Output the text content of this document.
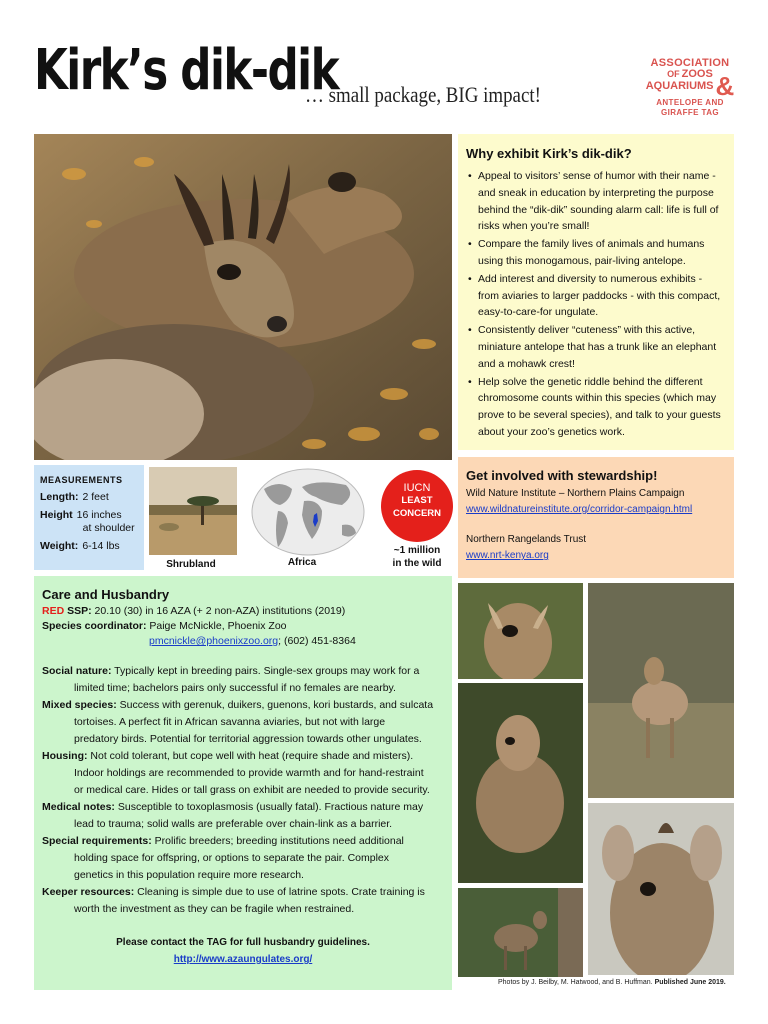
Kirk’s dik-dik
… small package, BIG impact!
ASSOCIATION
OF ZOOS
AQUARIUMS &
ANTELOPE AND
GIRAFFE TAG
Why exhibit Kirk’s dik-dik?
• Appeal to visitors’ sense of humor with their name - and sneak in education by interpreting the purpose behind the “dik-dik” sounding alarm call: life is full of risks when you’re small!
• Compare the family lives of animals and humans using this monogamous, pair-living antelope.
• Add interest and diversity to numerous exhibits - from aviaries to larger paddocks - with this compact, easy-to-care-for ungulate.
• Consistently deliver “cuteness” with this active, miniature antelope that has a trunk like an elephant and a mohawk crest!
• Help solve the genetic riddle behind the different chromosome counts within this species (which may prove to be several species), and talk to your guests about your zoo’s genetics work.
MEASUREMENTS
Length: 2 feet
Height 16 inches
at shoulder
Weight: 6-14 lbs
Shrubland	Africa
IUCN
LEAST
CONCERN
~1 million
in the wild
Get involved with stewardship!

Wild Nature Institute – Northern Plains Campaign

www.wildnatureinstitute.org/corridor-campaign.html

Northern Rangelands Trust

www.nrt-kenya.org

Care and Husbandry
RED SSP: 20.10 (30) in 16 AZA (+ 2 non-AZA) institutions (2019)
Species coordinator: Paige McNickle, Phoenix Zoo
pmcnickle@phoenixzoo.org; (602) 451-8364
Social nature: Typically kept in breeding pairs. Single-sex groups may work for a
limited time; bachelors pairs only successful if no females are nearby.
Mixed species: Success with gerenuk, duikers, guenons, kori bustards, and sulcata
tortoises. A perfect fit in African savanna aviaries, but not with large
predatory birds. Potential for territorial aggression towards other ungulates.
Housing: Not cold tolerant, but cope well with heat (require shade and misters).
Indoor holdings are recommended to provide warmth and for hand-restraint
or medical care. Hides or tall grass on exhibit are needed to provide security.
Medical notes: Susceptible to toxoplasmosis (usually fatal). Fractious nature may
lead to trauma; solid walls are preferable over chain-link as a barrier.
Special requirements: Prolific breeders; breeding institutions need additional
holding space for offspring, or options to separate the pair. Complex
genetics in this population require more research.
Keeper resources: Cleaning is simple due to use of latrine spots. Crate training is
worth the investment as they can be fragile when restrained.
Please contact the TAG for full husbandry guidelines.
http://www.azaungulates.org/
Photos by J. Beilby, M. Hatwood, and B. Huffman. Published June 2019.
